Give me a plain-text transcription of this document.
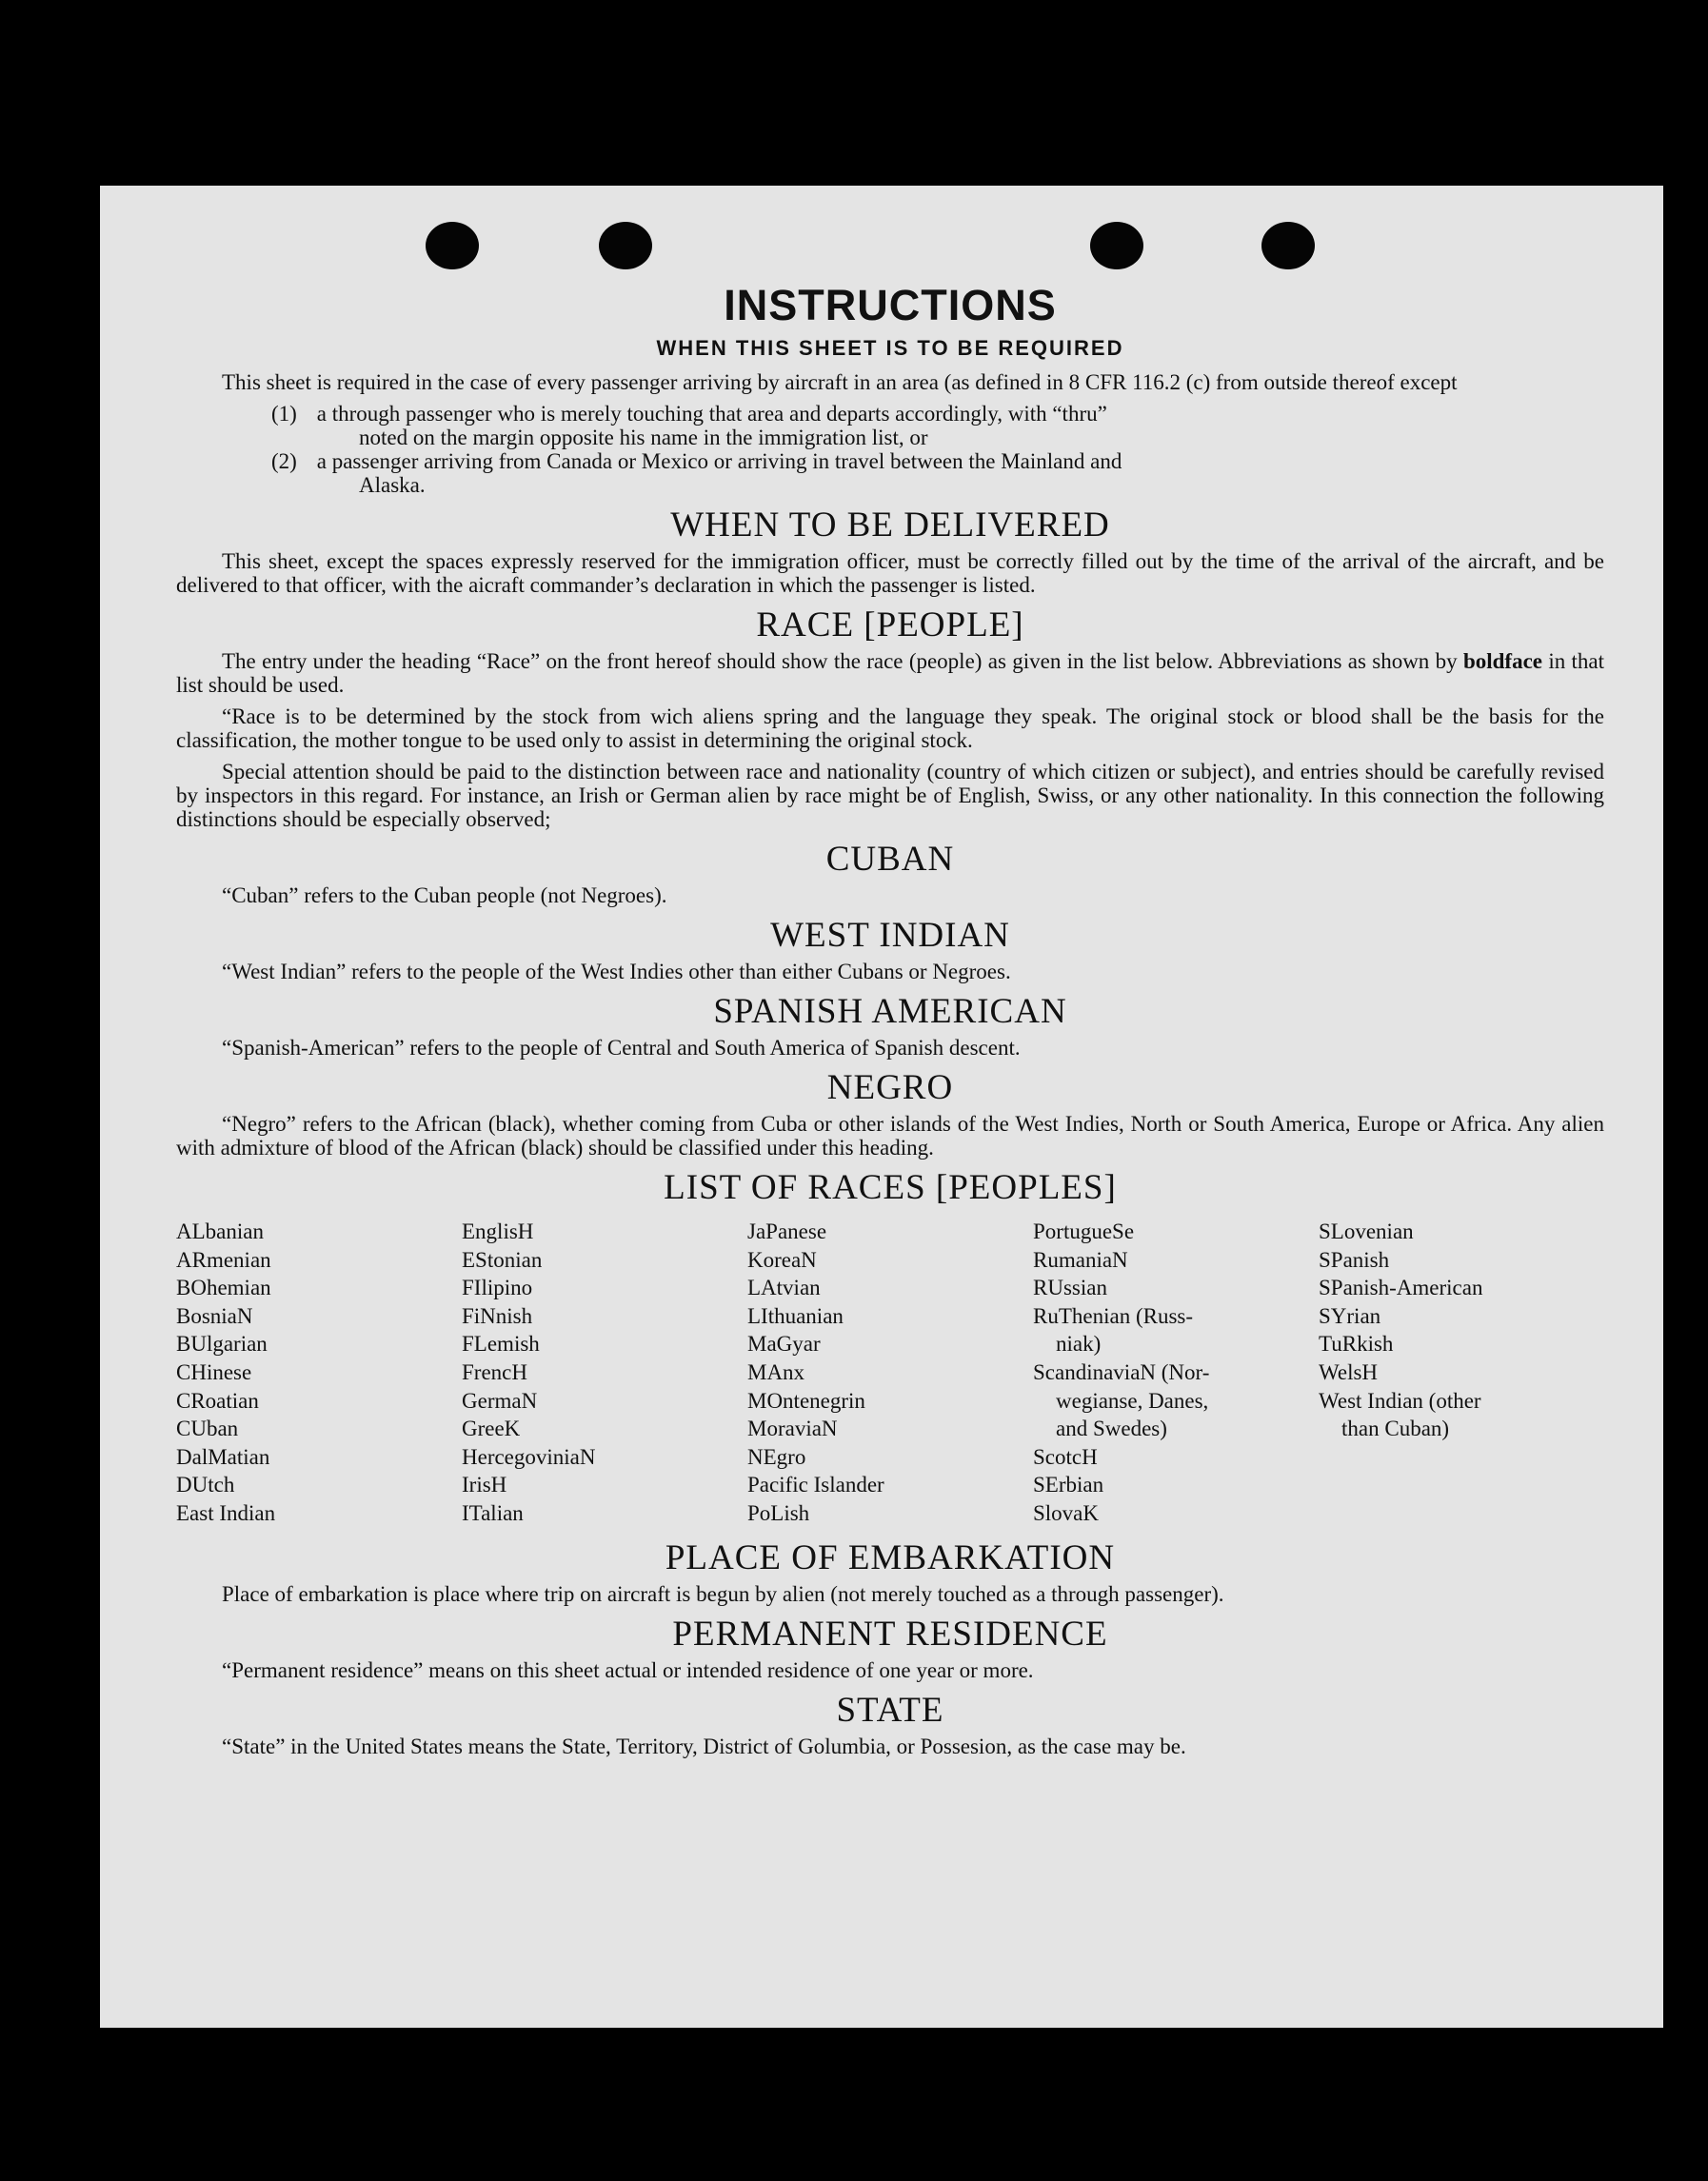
INSTRUCTIONS
WHEN THIS SHEET IS TO BE REQUIRED

This sheet is required in the case of every passenger arriving by aircraft in an area (as defined in 8 CFR 116.2 (c) from outside thereof except

(1) a through passenger who is merely touching that area and departs accordingly, with “thru”
noted on the margin opposite his name in the immigration list, or
(2) a passenger arriving from Canada or Mexico or arriving in travel between the Mainland and
Alaska.
WHEN TO BE DELIVERED

This sheet, except the spaces expressly reserved for the immigration officer, must be correctly filled out by the time of the arrival of the aircraft, and be delivered to that officer, with the aicraft commander’s declaration in which the passenger is listed.

RACE [PEOPLE]

The entry under the heading “Race” on the front hereof should show the race (people) as given in the list below. Abbreviations as shown by boldface in that list should be used.

“Race is to be determined by the stock from wich aliens spring and the language they speak. The original stock or blood shall be the basis for the classification, the mother tongue to be used only to assist in determining the original stock.

Special attention should be paid to the distinction between race and nationality (country of which citizen or subject), and entries should be carefully revised by inspectors in this regard. For instance, an Irish or German alien by race might be of English, Swiss, or any other nationality. In this connection the following distinctions should be especially observed;

CUBAN

“Cuban” refers to the Cuban people (not Negroes).

WEST INDIAN

“West Indian” refers to the people of the West Indies other than either Cubans or Negroes.

SPANISH AMERICAN

“Spanish-American” refers to the people of Central and South America of Spanish descent.

NEGRO

“Negro” refers to the African (black), whether coming from Cuba or other islands of the West Indies, North or South America, Europe or Africa. Any alien with admixture of blood of the African (black) should be classified under this heading.

LIST OF RACES [PEOPLES]
ALbanian
ARmenian
BOhemian
BosniaN
BUlgarian
CHinese
CRoatian
CUban
DalMatian
DUtch
East Indian
EnglisH
EStonian
FIlipino
FiNnish
FLemish
FrencH
GermaN
GreeK
HercegoviniaN
IrisH
ITalian
JaPanese
KoreaN
LAtvian
LIthuanian
MaGyar
MAnx
MOntenegrin
MoraviaN
NEgro
Pacific Islander
PoLish
PortugueSe
RumaniaN
RUssian
RuThenian (Russ-
niak)
ScandinaviaN (Nor-
wegianse, Danes,
and Swedes)
ScotcH
SErbian
SlovaK
SLovenian
SPanish
SPanish-American
SYrian
TuRkish
WelsH
West Indian (other
than Cuban)
PLACE OF EMBARKATION

Place of embarkation is place where trip on aircraft is begun by alien (not merely touched as a through passenger).

PERMANENT RESIDENCE

“Permanent residence” means on this sheet actual or intended residence of one year or more.

STATE

“State” in the United States means the State, Territory, District of Golumbia, or Possesion, as the case may be.
